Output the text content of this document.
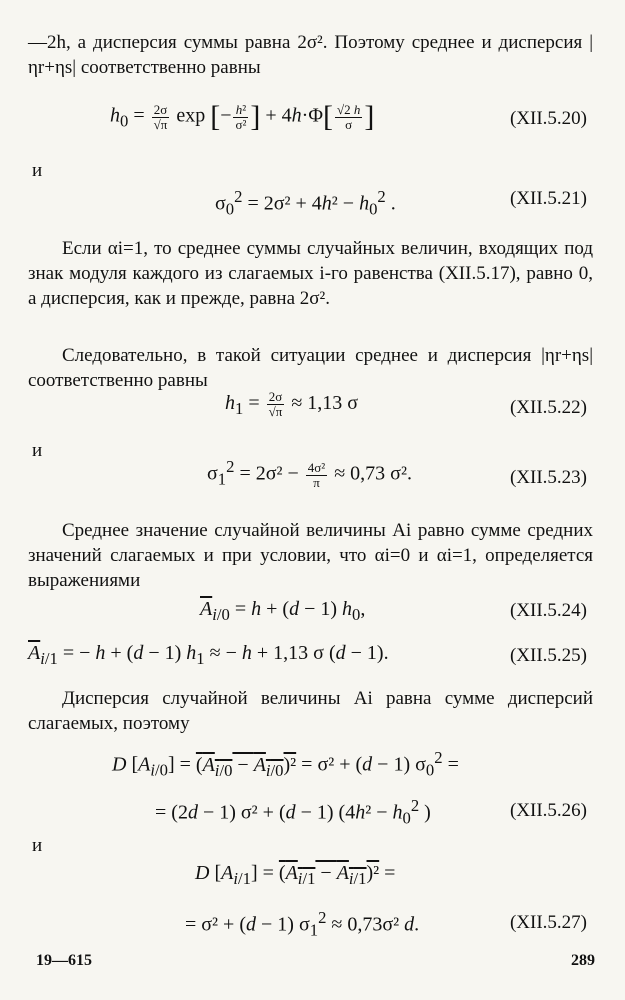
—2h, а дисперсия суммы равна 2σ². Поэтому среднее и дисперсия |ηr+ηs| соответственно равны
$h_0 = \frac{2\sigma}{√\pi}$ exp [− $\frac{\text{h²}}{\text{σ²}}$ ] + $4h\cdot\Phi[ \frac{√2 h}{\sigma}$ ]	(XII.5.20)
и
$\sigma_0^2 = 2\sigma^2 + 4h^2 - h_0^2$ .	(XII.5.21)
Если αi=1, то среднее суммы случайных величин, входящих под знак модуля каждого из слагаемых i-го равенства (XII.5.17), равно 0, а дисперсия, как и прежде, равна 2σ².
Следовательно, в такой ситуации среднее и дисперсия |ηr+ηs| соответственно равны
$h_1 = \frac{2\sigma}{√\pi} \approx 1,13$ σ	(XII.5.22)
и
$\sigma_1^2 = 2\sigma^2 - \frac{\text{4σ²}}{\pi} \approx 0,73$ σ².	(XII.5.23)
Среднее значение случайной величины Ai равно сумме средних значений слагаемых и при условии, что αi=0 и αi=1, определяется выражениями
$\overline{A}_{i/0} = h + (d - 1)$ $h_0$,	(XII.5.24)
$\overline{A}_{i/1}$ = − h + (d − 1) $h_1$ ≈ − h + 1,13 σ (d − 1).	(XII.5.25)
Дисперсия случайной величины Ai равна сумме дисперсий слагаемых, поэтому
D $[A_{i/0}] = (A_{i/0} - A_{i/0})^2 = \sigma^2 + (d - 1) \sigma_0^2$ =
= (2d − 1) σ² + (d − 1) ($4h^2 - h_0^2$ )	(XII.5.26)
и
D $[A_{i/1}] = (A_{i/1} - A_{i/1})^2$ =
= σ² + (d − 1) $\sigma_1^2 \approx 0,73\sigma^2$ d.	(XII.5.27)
19—615	289
